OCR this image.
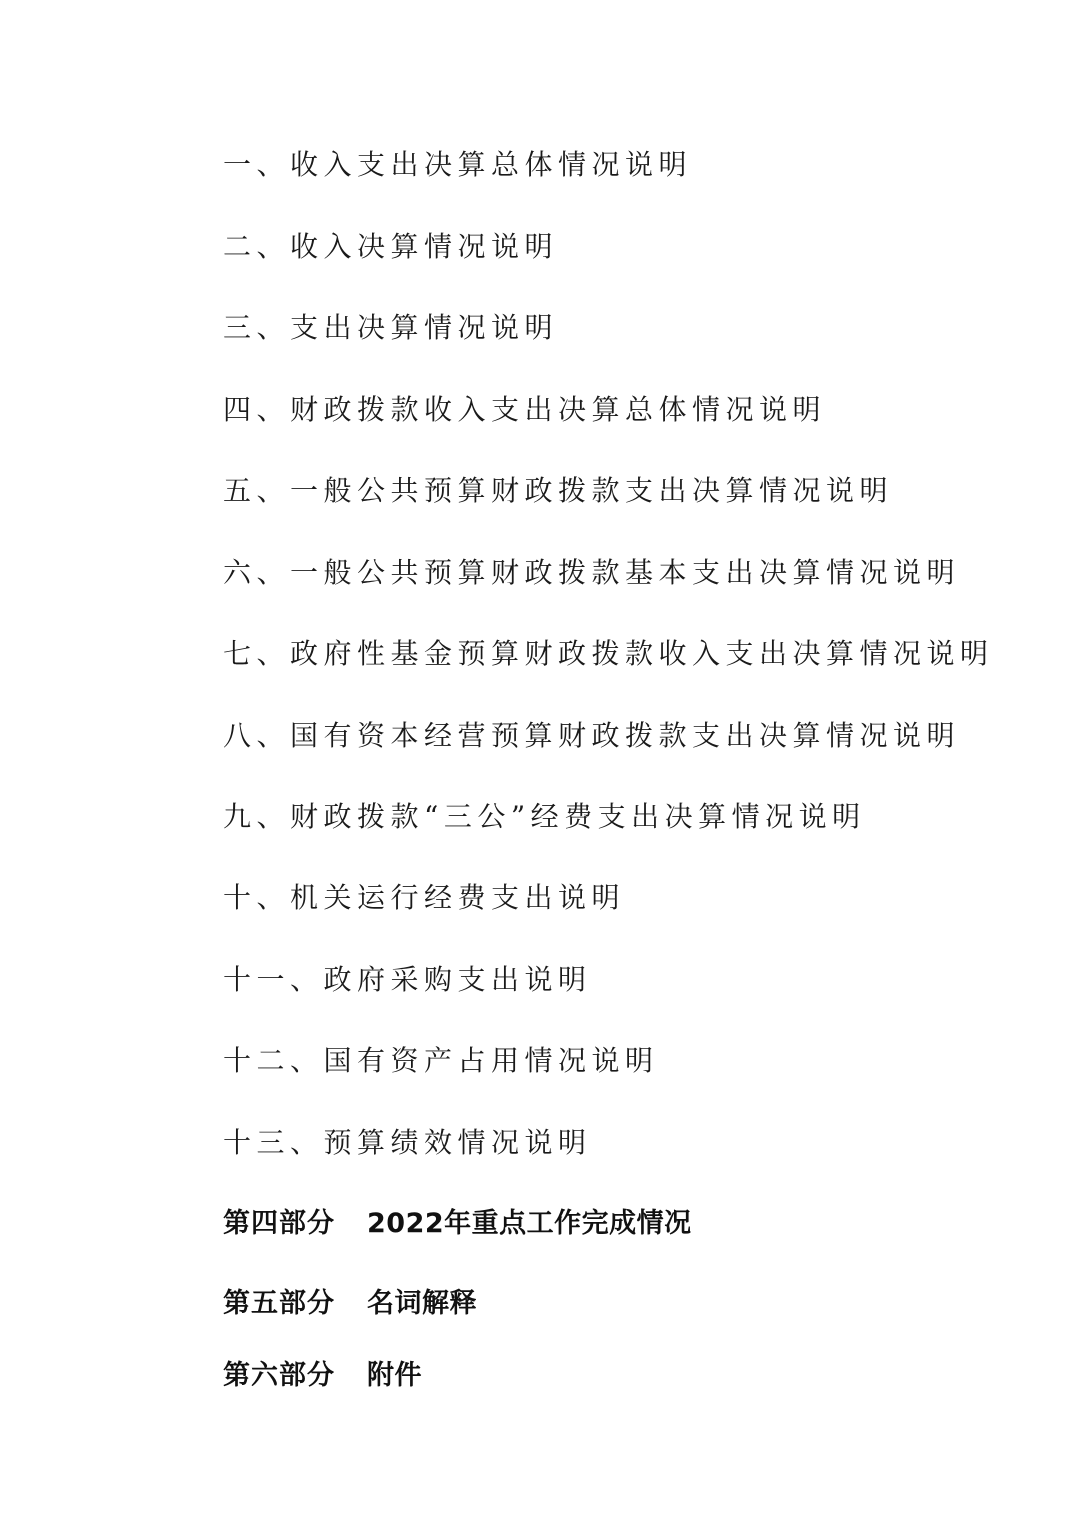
一、收入支出决算总体情况说明
二、收入决算情况说明
三、支出决算情况说明
四、财政拨款收入支出决算总体情况说明
五、一般公共预算财政拨款支出决算情况说明
六、一般公共预算财政拨款基本支出决算情况说明
七、政府性基金预算财政拨款收入支出决算情况说明
八、国有资本经营预算财政拨款支出决算情况说明
九、财政拨款“三公”经费支出决算情况说明
十、机关运行经费支出说明
十一、政府采购支出说明
十二、国有资产占用情况说明
十三、预算绩效情况说明
第四部分 2022年重点工作完成情况
第五部分 名词解释
第六部分 附件
